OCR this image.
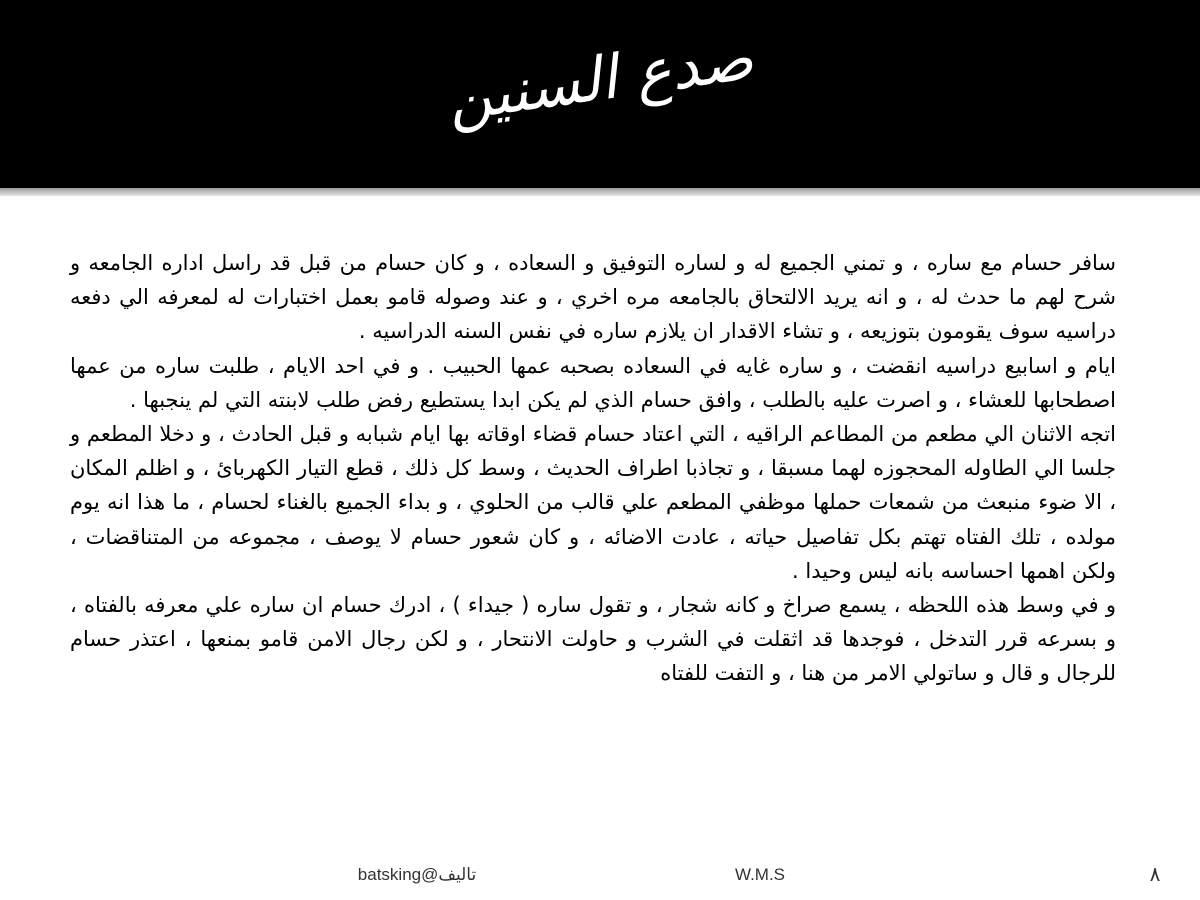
صدع السنين

سافر حسام مع ساره ، و تمني الجميع له و لساره التوفيق و السعاده ، و كان حسام من قبل قد راسل اداره الجامعه و شرح لهم ما حدث له ، و انه يريد الالتحاق بالجامعه مره اخري ، و عند وصوله قامو بعمل اختبارات له لمعرفه الي دفعه دراسيه سوف يقومون بتوزيعه ، و تشاء الاقدار ان يلازم ساره في نفس السنه الدراسيه .

ايام و اسابيع دراسيه انقضت ، و ساره غايه في السعاده بصحبه عمها الحبيب . و في احد الايام ، طلبت ساره من عمها اصطحابها للعشاء ، و اصرت عليه بالطلب ، وافق حسام الذي لم يكن ابدا يستطيع رفض طلب لابنته التي لم ينجبها .

اتجه الاثنان الي مطعم من المطاعم الراقيه ، التي اعتاد حسام قضاء اوقاته بها ايام شبابه و قبل الحادث ، و دخلا المطعم و جلسا الي الطاوله المحجوزه لهما مسبقا ، و تجاذبا اطراف الحديث ، وسط كل ذلك ، قطع التيار الكهربائ ، و اظلم المكان ، الا ضوء منبعث من شمعات حملها موظفي المطعم علي قالب من الحلوي ، و بداء الجميع بالغناء لحسام ، ما هذا انه يوم مولده ، تلك الفتاه تهتم بكل تفاصيل حياته ، عادت الاضائه ، و كان شعور حسام لا يوصف ، مجموعه من المتناقضات ، ولكن اهمها احساسه بانه ليس وحيدا .

و في وسط هذه اللحظه ، يسمع صراخ و كانه شجار ، و تقول ساره ( جيداء ) ، ادرك حسام ان ساره علي معرفه بالفتاه ، و بسرعه قرر التدخل ، فوجدها قد اثقلت في الشرب و حاولت الانتحار ، و لكن رجال الامن قامو بمنعها ، اعتذر حسام للرجال و قال و ساتولي الامر من هنا ، و التفت للفتاه

تاليف@batsking	W.M.S	٨
